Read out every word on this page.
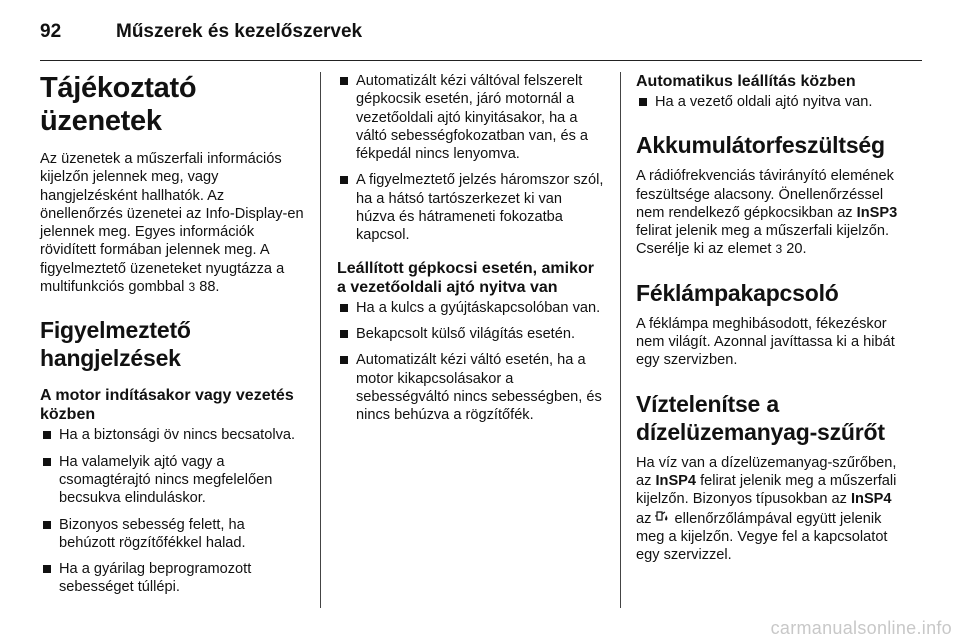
92	Műszerek és kezelőszervek
Tájékoztató üzenetek

Az üzenetek a műszerfali információs kijelzőn jelennek meg, vagy hangjelzésként hallhatók. Az önellenőrzés üzenetei az Info-Display-en jelennek meg. Egyes információk rövidített formában jelennek meg. A figyelmeztető üzeneteket nyugtázza a multifunkciós gombbal 3 88.

Figyelmeztető hangjelzések
A motor indításakor vagy vezetés közben
Ha a biztonsági öv nincs becsatolva.
Ha valamelyik ajtó vagy a csomagtérajtó nincs megfelelően becsukva elinduláskor.
Bizonyos sebesség felett, ha behúzott rögzítőfékkel halad.
Ha a gyárilag beprogramozott sebességet túllépi.
Automatizált kézi váltóval felszerelt gépkocsik esetén, járó motornál a vezetőoldali ajtó kinyitásakor, ha a váltó sebességfokozatban van, és a fékpedál nincs lenyomva.
A figyelmeztető jelzés háromszor szól, ha a hátsó tartószerkezet ki van húzva és hátrameneti fokozatba kapcsol.
Leállított gépkocsi esetén, amikor a vezetőoldali ajtó nyitva van
Ha a kulcs a gyújtáskapcsolóban van.
Bekapcsolt külső világítás esetén.
Automatizált kézi váltó esetén, ha a motor kikapcsolásakor a sebességváltó nincs sebességben, és nincs behúzva a rögzítőfék.
Automatikus leállítás közben
Ha a vezető oldali ajtó nyitva van.
Akkumulátorfeszültség

A rádiófrekvenciás távirányító elemének feszültsége alacsony. Önellenőrzéssel nem rendelkező gépkocsikban az InSP3 felirat jelenik meg a műszerfali kijelzőn. Cserélje ki az elemet 3 20.

Féklámpakapcsoló

A féklámpa meghibásodott, fékezéskor nem világít. Azonnal javíttassa ki a hibát egy szervizben.

Víztelenítse a dízelüzemanyag-szűrőt

Ha víz van a dízelüzemanyag-szűrőben, az InSP4 felirat jelenik meg a műszerfali kijelzőn. Bizonyos típusokban az InSP4 az ellenőrzőlámpával együtt jelenik meg a kijelzőn. Vegye fel a kapcsolatot egy szervizzel.

carmanualsonline.info
